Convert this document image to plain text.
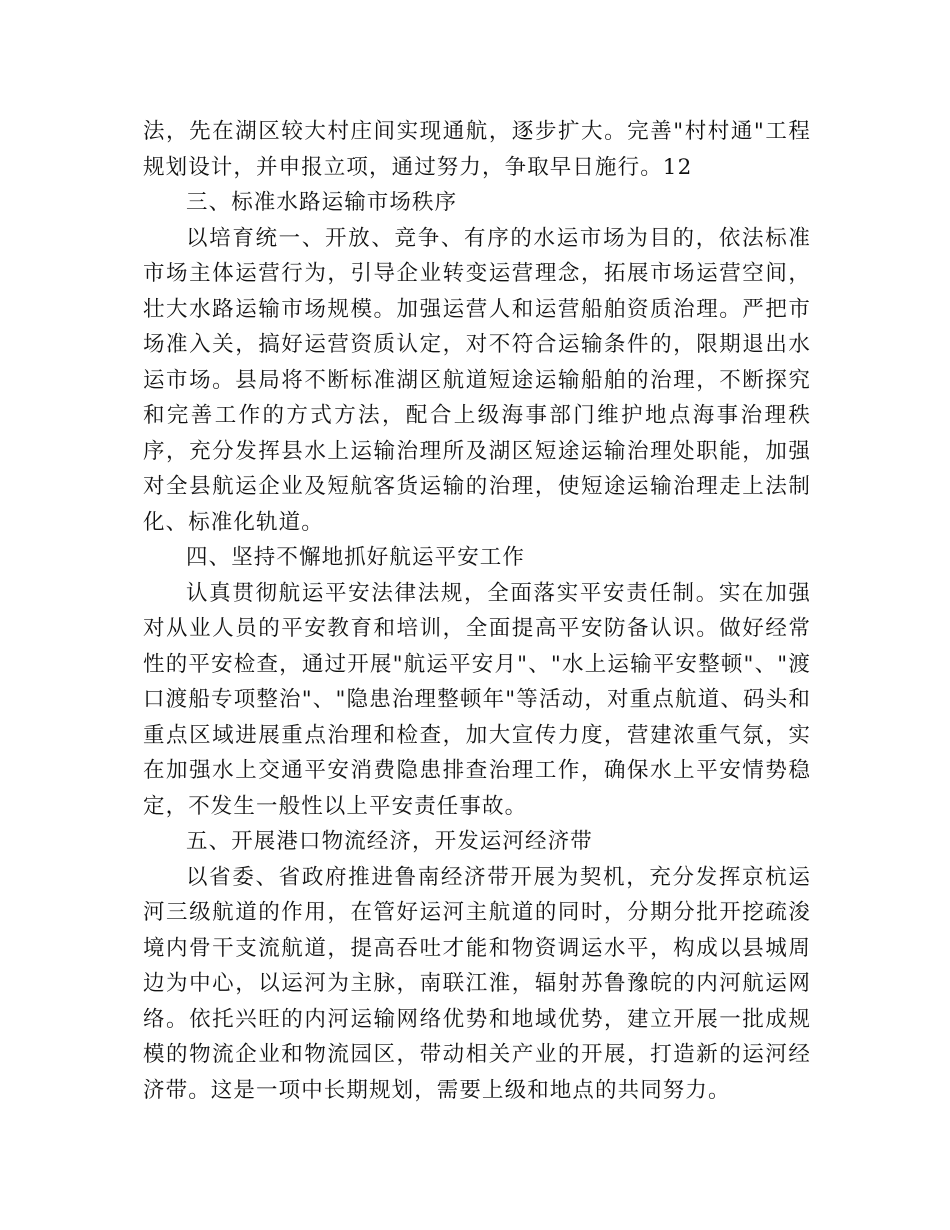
法，先在湖区较大村庄间实现通航，逐步扩大。完善"村村通"工程规划设计，并申报立项，通过努力，争取早日施行。12

三、标准水路运输市场秩序

以培育统一、开放、竞争、有序的水运市场为目的，依法标准市场主体运营行为，引导企业转变运营理念，拓展市场运营空间，壮大水路运输市场规模。加强运营人和运营船舶资质治理。严把市场准入关，搞好运营资质认定，对不符合运输条件的，限期退出水运市场。县局将不断标准湖区航道短途运输船舶的治理，不断探究和完善工作的方式方法，配合上级海事部门维护地点海事治理秩序，充分发挥县水上运输治理所及湖区短途运输治理处职能，加强对全县航运企业及短航客货运输的治理，使短途运输治理走上法制化、标准化轨道。

四、坚持不懈地抓好航运平安工作

认真贯彻航运平安法律法规，全面落实平安责任制。实在加强对从业人员的平安教育和培训，全面提高平安防备认识。做好经常性的平安检查，通过开展"航运平安月"、"水上运输平安整顿"、"渡口渡船专项整治"、"隐患治理整顿年"等活动，对重点航道、码头和重点区域进展重点治理和检查，加大宣传力度，营建浓重气氛，实在加强水上交通平安消费隐患排查治理工作，确保水上平安情势稳定，不发生一般性以上平安责任事故。

五、开展港口物流经济，开发运河经济带

以省委、省政府推进鲁南经济带开展为契机，充分发挥京杭运河三级航道的作用，在管好运河主航道的同时，分期分批开挖疏浚境内骨干支流航道，提高吞吐才能和物资调运水平，构成以县城周边为中心，以运河为主脉，南联江淮，辐射苏鲁豫皖的内河航运网络。依托兴旺的内河运输网络优势和地域优势，建立开展一批成规模的物流企业和物流园区，带动相关产业的开展，打造新的运河经济带。这是一项中长期规划，需要上级和地点的共同努力。
